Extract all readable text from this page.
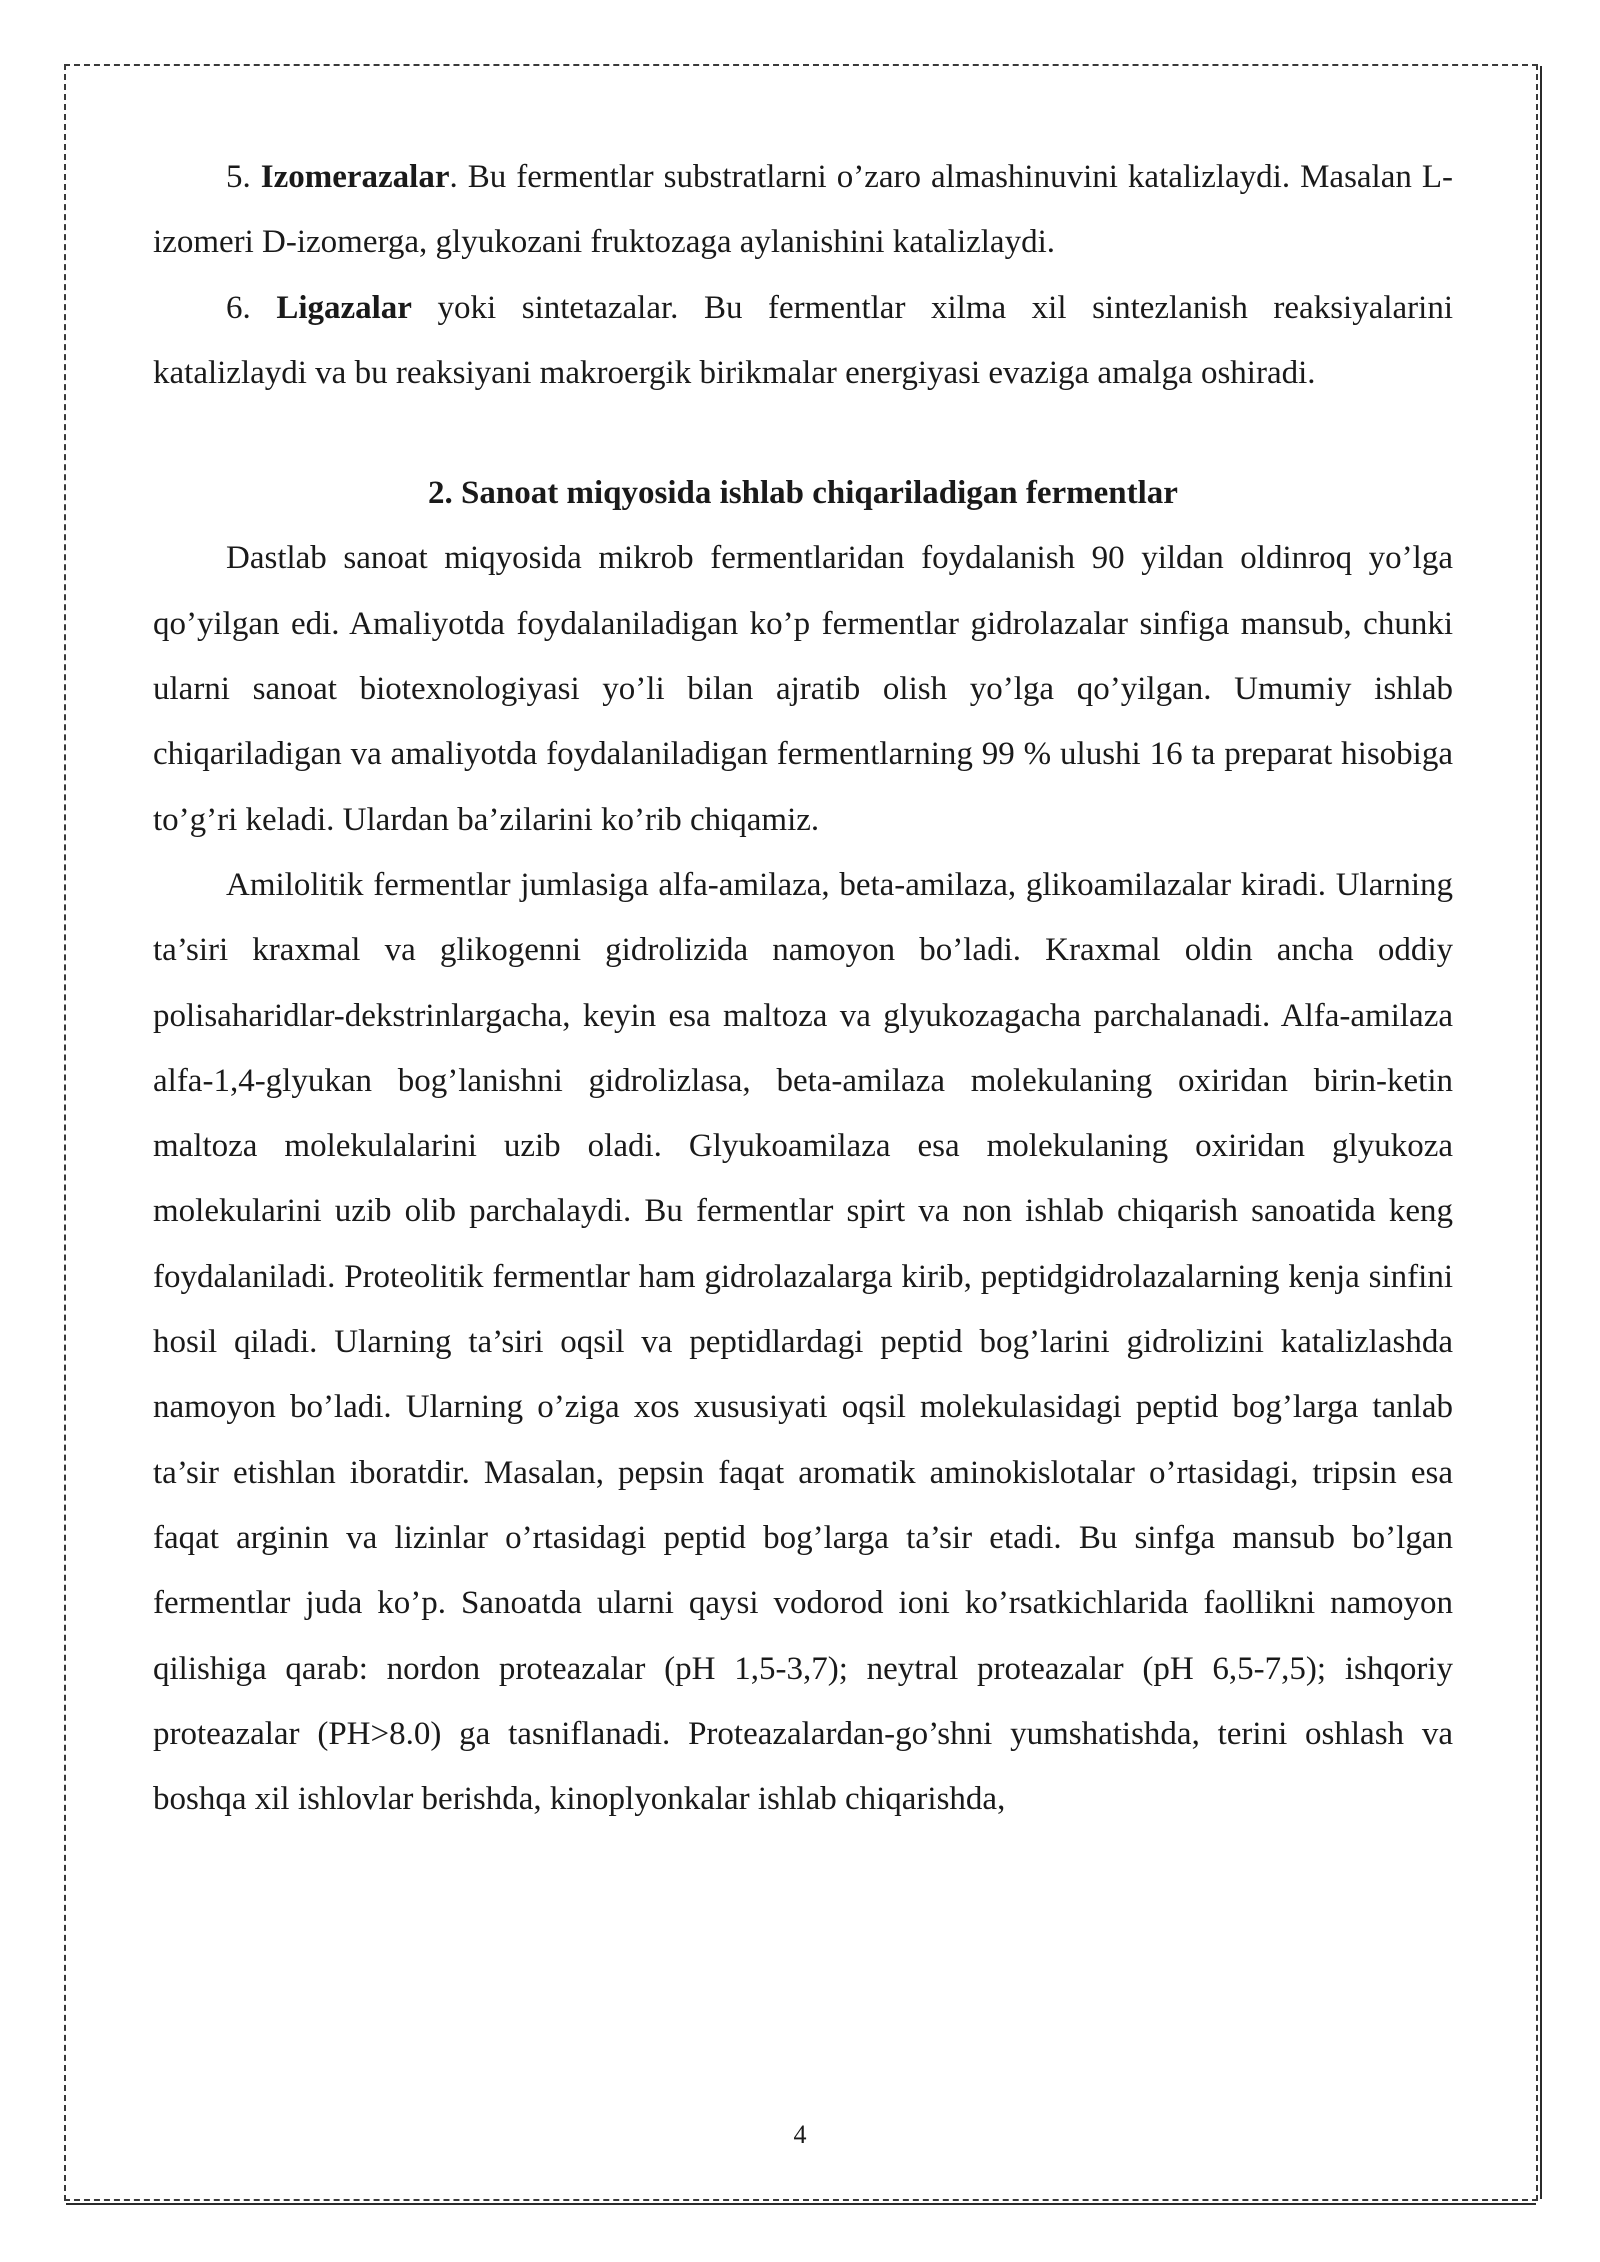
5. Izomerazalar. Bu fermentlar substratlarni o’zaro almashinuvini katalizlaydi. Masalan L-izomeri D-izomerga, glyukozani fruktozaga aylanishini katalizlaydi.

6. Ligazalar yoki sintetazalar. Bu fermentlar xilma xil sintezlanish reaksiyalarini katalizlaydi va bu reaksiyani makroergik birikmalar energiyasi evaziga amalga oshiradi.

2. Sanoat miqyosida ishlab chiqariladigan fermentlar

Dastlab sanoat miqyosida mikrob fermentlaridan foydalanish 90 yildan oldinroq yo’lga qo’yilgan edi. Amaliyotda foydalaniladigan ko’p fermentlar gidrolazalar sinfiga mansub, chunki ularni sanoat biotexnologiyasi yo’li bilan ajratib olish yo’lga qo’yilgan. Umumiy ishlab chiqariladigan va amaliyotda foydalaniladigan fermentlarning 99 % ulushi 16 ta preparat hisobiga to’g’ri keladi. Ulardan ba’zilarini ko’rib chiqamiz.

Amilolitik fermentlar jumlasiga alfa-amilaza, beta-amilaza, glikoamilazalar kiradi. Ularning ta’siri kraxmal va glikogenni gidrolizida namoyon bo’ladi. Kraxmal oldin ancha oddiy polisaharidlar-dekstrinlargacha, keyin esa maltoza va glyukozagacha parchalanadi. Alfa-amilaza alfa-1,4-glyukan bog’lanishni gidrolizlasa, beta-amilaza molekulaning oxiridan birin-ketin maltoza molekulalarini uzib oladi. Glyukoamilaza esa molekulaning oxiridan glyukoza molekularini uzib olib parchalaydi. Bu fermentlar spirt va non ishlab chiqarish sanoatida keng foydalaniladi. Proteolitik fermentlar ham gidrolazalarga kirib, peptidgidrolazalarning kenja sinfini hosil qiladi. Ularning ta’siri oqsil va peptidlardagi peptid bog’larini gidrolizini katalizlashda namoyon bo’ladi. Ularning o’ziga xos xususiyati oqsil molekulasidagi peptid bog’larga tanlab ta’sir etishlan iboratdir. Masalan, pepsin faqat aromatik aminokislotalar o’rtasidagi, tripsin esa faqat arginin va lizinlar o’rtasidagi peptid bog’larga ta’sir etadi. Bu sinfga mansub bo’lgan fermentlar juda ko’p. Sanoatda ularni qaysi vodorod ioni ko’rsatkichlarida faollikni namoyon qilishiga qarab: nordon proteazalar (pH 1,5-3,7); neytral proteazalar (pH 6,5-7,5); ishqoriy proteazalar (PH>8.0) ga tasniflanadi. Proteazalardan-go’shni yumshatishda, terini oshlash va boshqa xil ishlovlar berishda, kinoplyonkalar ishlab chiqarishda,

4
